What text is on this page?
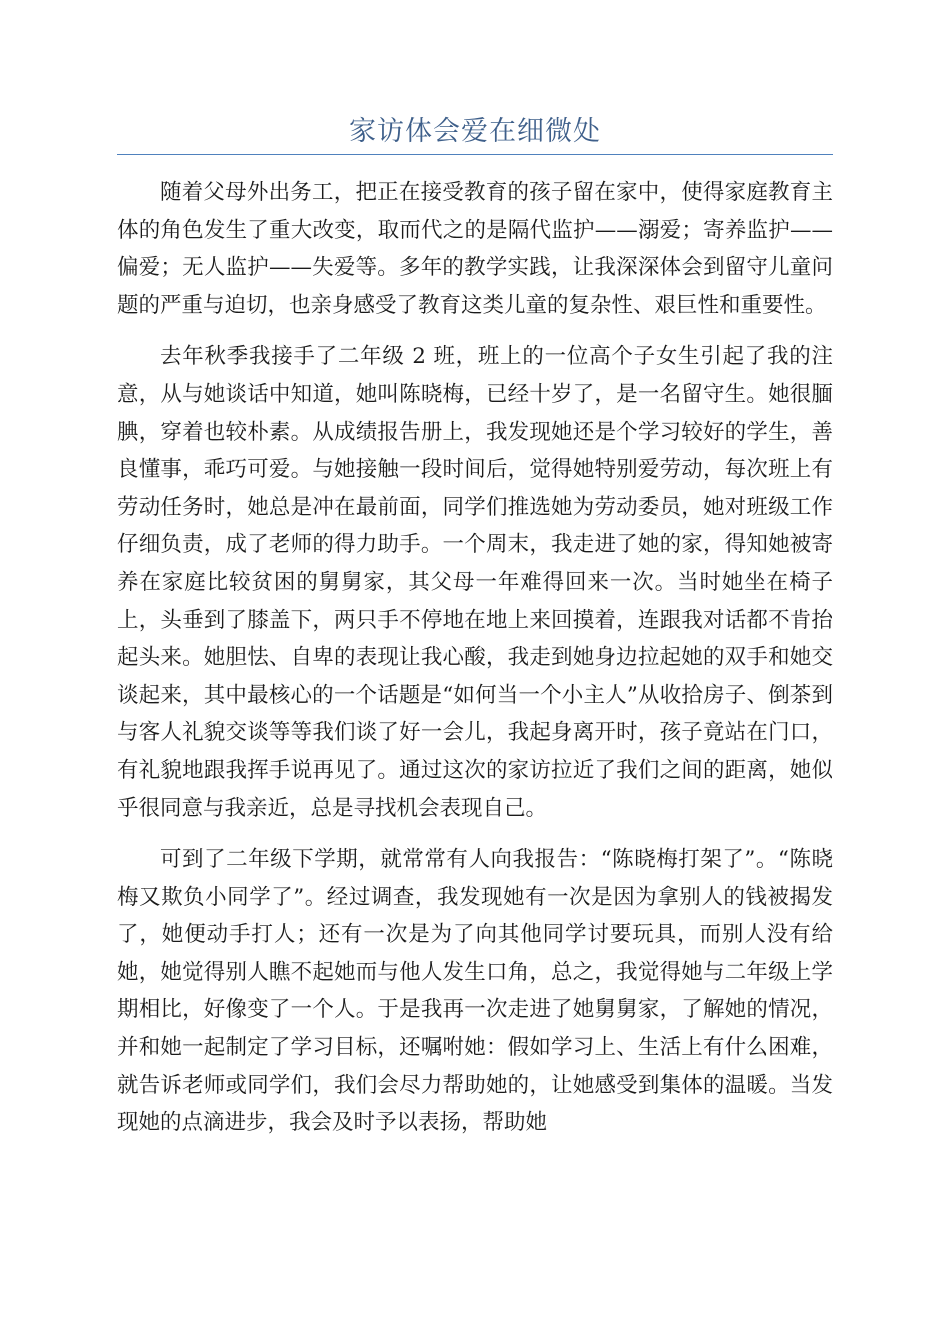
家访体会爱在细微处

随着父母外出务工，把正在接受教育的孩子留在家中，使得家庭教育主体的角色发生了重大改变，取而代之的是隔代监护——溺爱；寄养监护——偏爱；无人监护——失爱等。多年的教学实践，让我深深体会到留守儿童问题的严重与迫切，也亲身感受了教育这类儿童的复杂性、艰巨性和重要性。

去年秋季我接手了二年级 2 班，班上的一位高个子女生引起了我的注意，从与她谈话中知道，她叫陈晓梅，已经十岁了，是一名留守生。她很腼腆，穿着也较朴素。从成绩报告册上，我发现她还是个学习较好的学生，善良懂事，乖巧可爱。与她接触一段时间后，觉得她特别爱劳动，每次班上有劳动任务时，她总是冲在最前面，同学们推选她为劳动委员，她对班级工作仔细负责，成了老师的得力助手。一个周末，我走进了她的家，得知她被寄养在家庭比较贫困的舅舅家，其父母一年难得回来一次。当时她坐在椅子上，头垂到了膝盖下，两只手不停地在地上来回摸着，连跟我对话都不肯抬起头来。她胆怯、自卑的表现让我心酸，我走到她身边拉起她的双手和她交谈起来，其中最核心的一个话题是“如何当一个小主人”从收拾房子、倒茶到与客人礼貌交谈等等我们谈了好一会儿，我起身离开时，孩子竟站在门口，有礼貌地跟我挥手说再见了。通过这次的家访拉近了我们之间的距离，她似乎很同意与我亲近，总是寻找机会表现自己。

可到了二年级下学期，就常常有人向我报告：“陈晓梅打架了”。“陈晓梅又欺负小同学了”。经过调查，我发现她有一次是因为拿别人的钱被揭发了，她便动手打人；还有一次是为了向其他同学讨要玩具，而别人没有给她，她觉得别人瞧不起她而与他人发生口角，总之，我觉得她与二年级上学期相比，好像变了一个人。于是我再一次走进了她舅舅家，了解她的情况，并和她一起制定了学习目标，还嘱咐她：假如学习上、生活上有什么困难，就告诉老师或同学们，我们会尽力帮助她的，让她感受到集体的温暖。当发现她的点滴进步，我会及时予以表扬，帮助她
